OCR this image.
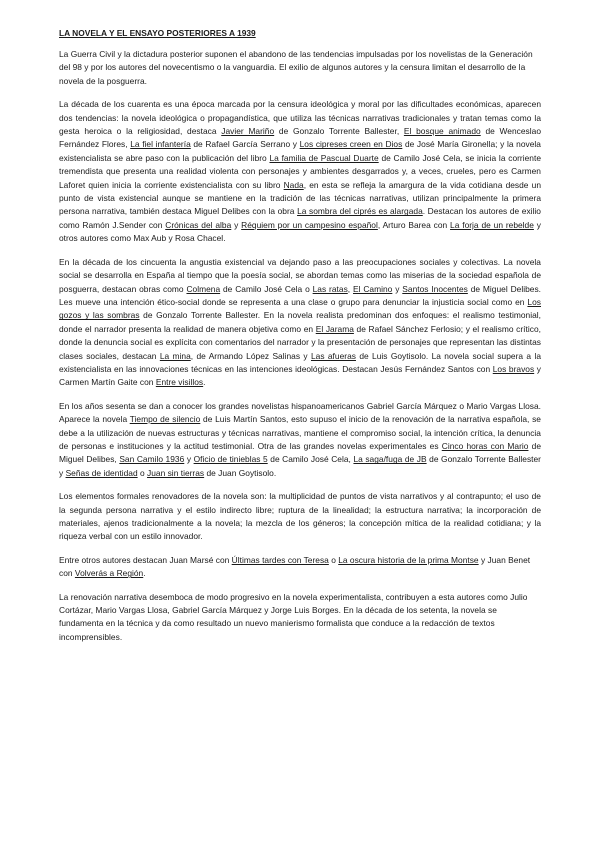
LA NOVELA Y EL ENSAYO POSTERIORES A 1939

La Guerra Civil y la dictadura posterior suponen el abandono de las tendencias impulsadas por los novelistas de la Generación del 98 y por los autores del novecentismo o la vanguardia. El exilio de algunos autores y la censura limitan el desarrollo de la novela de la posguerra.

La década de los cuarenta es una época marcada por la censura ideológica y moral por las dificultades económicas, aparecen dos tendencias: la novela ideológica o propagandística, que utiliza las técnicas narrativas tradicionales y tratan temas como la gesta heroica o la religiosidad, destaca Javier Mariño de Gonzalo Torrente Ballester, El bosque animado de Wenceslao Fernández Flores, La fiel infantería de Rafael García Serrano y Los cipreses creen en Dios de José María Gironella; y la novela existencialista se abre paso con la publicación del libro La familia de Pascual Duarte de Camilo José Cela, se inicia la corriente tremendista que presenta una realidad violenta con personajes y ambientes desgarrados y, a veces, crueles, pero es Carmen Laforet quien inicia la corriente existencialista con su libro Nada, en esta se refleja la amargura de la vida cotidiana desde un punto de vista existencial aunque se mantiene en la tradición de las técnicas narrativas, utilizan principalmente la primera persona narrativa, también destaca Miguel Delibes con la obra La sombra del ciprés es alargada. Destacan los autores de exilio como Ramón J.Sender con Crónicas del alba y Réquiem por un campesino español, Arturo Barea con La forja de un rebelde y otros autores como Max Aub y Rosa Chacel.

En la década de los cincuenta la angustia existencial va dejando paso a las preocupaciones sociales y colectivas. La novela social se desarrolla en España al tiempo que la poesía social, se abordan temas como las miserias de la sociedad española de posguerra, destacan obras como Colmena de Camilo José Cela o Las ratas, El Camino y Santos Inocentes de Miguel Delibes. Les mueve una intención ético-social donde se representa a una clase o grupo para denunciar la injusticia social como en Los gozos y las sombras de Gonzalo Torrente Ballester. En la novela realista predominan dos enfoques: el realismo testimonial, donde el narrador presenta la realidad de manera objetiva como en El Jarama de Rafael Sánchez Ferlosio; y el realismo crítico, donde la denuncia social es explícita con comentarios del narrador y la presentación de personajes que representan las distintas clases sociales, destacan La mina, de Armando López Salinas y Las afueras de Luis Goytisolo. La novela social supera a la existencialista en las innovaciones técnicas en las intenciones ideológicas. Destacan Jesús Fernández Santos con Los bravos y Carmen Martín Gaite con Entre visillos.

En los años sesenta se dan a conocer los grandes novelistas hispanoamericanos Gabriel García Márquez o Mario Vargas Llosa. Aparece la novela Tiempo de silencio de Luis Martín Santos, esto supuso el inicio de la renovación de la narrativa española, se debe a la utilización de nuevas estructuras y técnicas narrativas, mantiene el compromiso social, la intención crítica, la denuncia de personas e instituciones y la actitud testimonial. Otra de las grandes novelas experimentales es Cinco horas con Mario de Miguel Delibes, San Camilo 1936 y Oficio de tinieblas 5 de Camilo José Cela, La saga/fuga de JB de Gonzalo Torrente Ballester y Señas de identidad o Juan sin tierras de Juan Goytisolo.

Los elementos formales renovadores de la novela son: la multiplicidad de puntos de vista narrativos y al contrapunto; el uso de la segunda persona narrativa y el estilo indirecto libre; ruptura de la linealidad; la estructura narrativa; la incorporación de materiales, ajenos tradicionalmente a la novela; la mezcla de los géneros; la concepción mítica de la realidad cotidiana; y la riqueza verbal con un estilo innovador.

Entre otros autores destacan Juan Marsé con Últimas tardes con Teresa o La oscura historia de la prima Montse y Juan Benet con Volverás a Región.

La renovación narrativa desemboca de modo progresivo en la novela experimentalista, contribuyen a esta autores como Julio Cortázar, Mario Vargas Llosa, Gabriel García Márquez y Jorge Luis Borges. En la década de los setenta, la novela se fundamenta en la técnica y da como resultado un nuevo manierismo formalista que conduce a la redacción de textos incomprensibles.
